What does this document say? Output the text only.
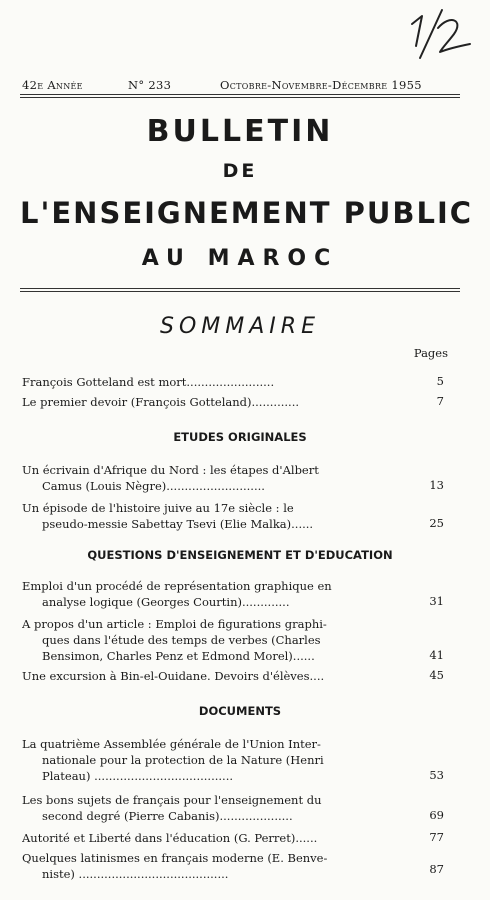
1/2
42e Année	N° 233	Octobre-Novembre-Décembre 1955
BULLETIN
DE
L'ENSEIGNEMENT PUBLIC
AU MAROC
SOMMAIRE
Pages
François Gotteland est mort........................	5
Le premier devoir (François Gotteland).............	7
ETUDES ORIGINALES
Un écrivain d'Afrique du Nord : les étapes d'Albert
Camus (Louis Nègre)...........................	13
Un épisode de l'histoire juive au 17e siècle : le
pseudo-messie Sabettay Tsevi (Elie Malka)......	25
QUESTIONS D'ENSEIGNEMENT ET D'EDUCATION
Emploi d'un procédé de représentation graphique en
analyse logique (Georges Courtin).............	31
A propos d'un article : Emploi de figurations graphi-
ques dans l'étude des temps de verbes (Charles
Bensimon, Charles Penz et Edmond Morel)......	41
Une excursion à Bin-el-Ouidane. Devoirs d'élèves....	45
DOCUMENTS
La quatrième Assemblée générale de l'Union Inter-
nationale pour la protection de la Nature (Henri
Plateau) ......................................	53
Les bons sujets de français pour l'enseignement du
second degré (Pierre Cabanis)....................	69
Autorité et Liberté dans l'éducation (G. Perret)......	77
Quelques latinismes en français moderne (E. Benve-
niste) .........................................	87
